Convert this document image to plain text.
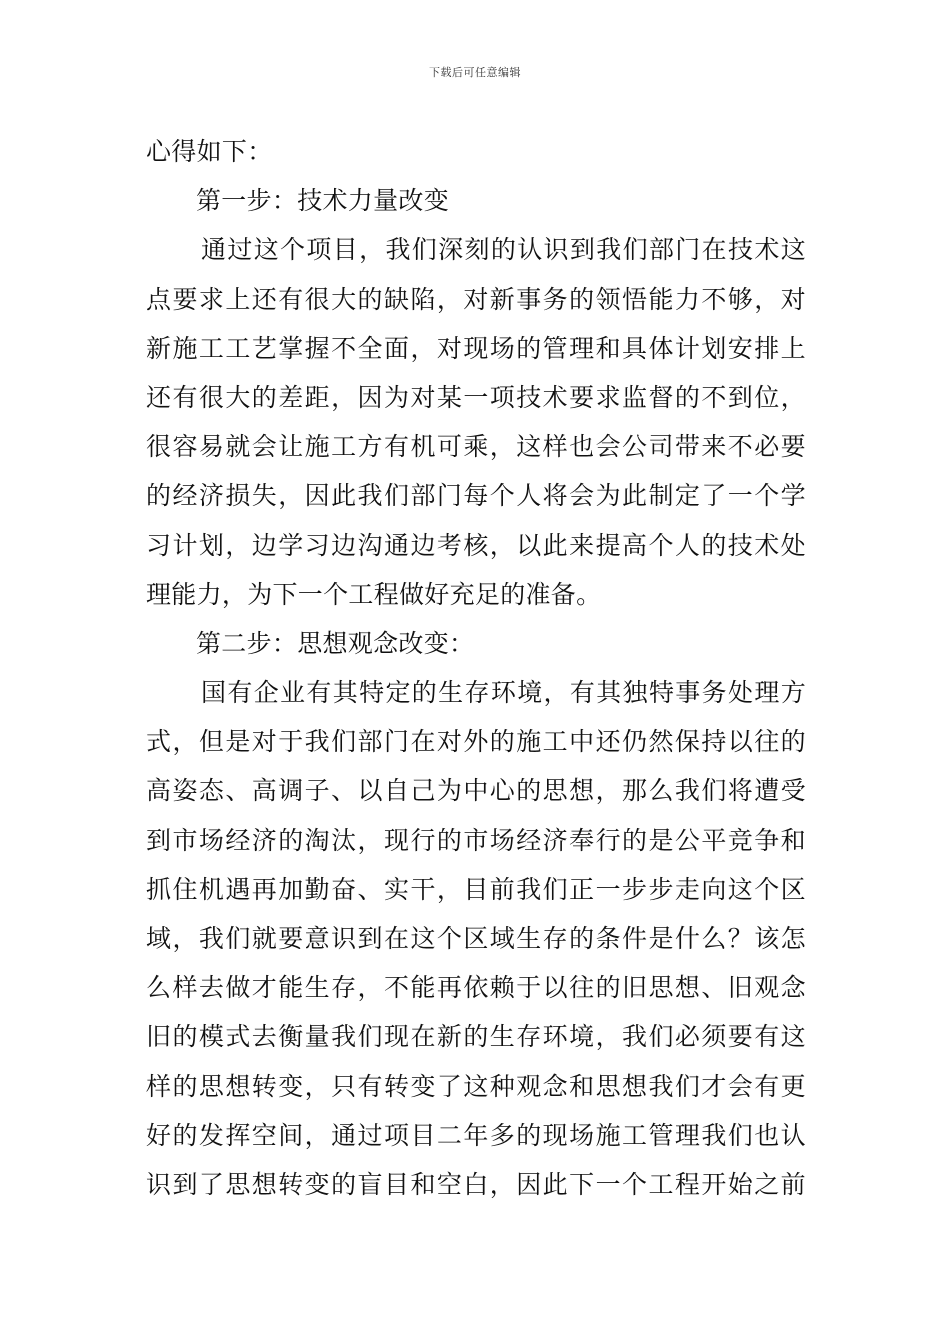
下载后可任意编辑
心得如下：
第一步：技术力量改变
通过这个项目，我们深刻的认识到我们部门在技术这
点要求上还有很大的缺陷，对新事务的领悟能力不够，对
新施工工艺掌握不全面，对现场的管理和具体计划安排上
还有很大的差距，因为对某一项技术要求监督的不到位，
很容易就会让施工方有机可乘，这样也会公司带来不必要
的经济损失，因此我们部门每个人将会为此制定了一个学
习计划，边学习边沟通边考核，以此来提高个人的技术处
理能力，为下一个工程做好充足的准备。
第二步：思想观念改变：
国有企业有其特定的生存环境，有其独特事务处理方
式，但是对于我们部门在对外的施工中还仍然保持以往的
高姿态、高调子、以自己为中心的思想，那么我们将遭受
到市场经济的淘汰，现行的市场经济奉行的是公平竞争和
抓住机遇再加勤奋、实干，目前我们正一步步走向这个区
域，我们就要意识到在这个区域生存的条件是什么？该怎
么样去做才能生存，不能再依赖于以往的旧思想、旧观念
旧的模式去衡量我们现在新的生存环境，我们必须要有这
样的思想转变，只有转变了这种观念和思想我们才会有更
好的发挥空间，通过项目二年多的现场施工管理我们也认
识到了思想转变的盲目和空白，因此下一个工程开始之前
